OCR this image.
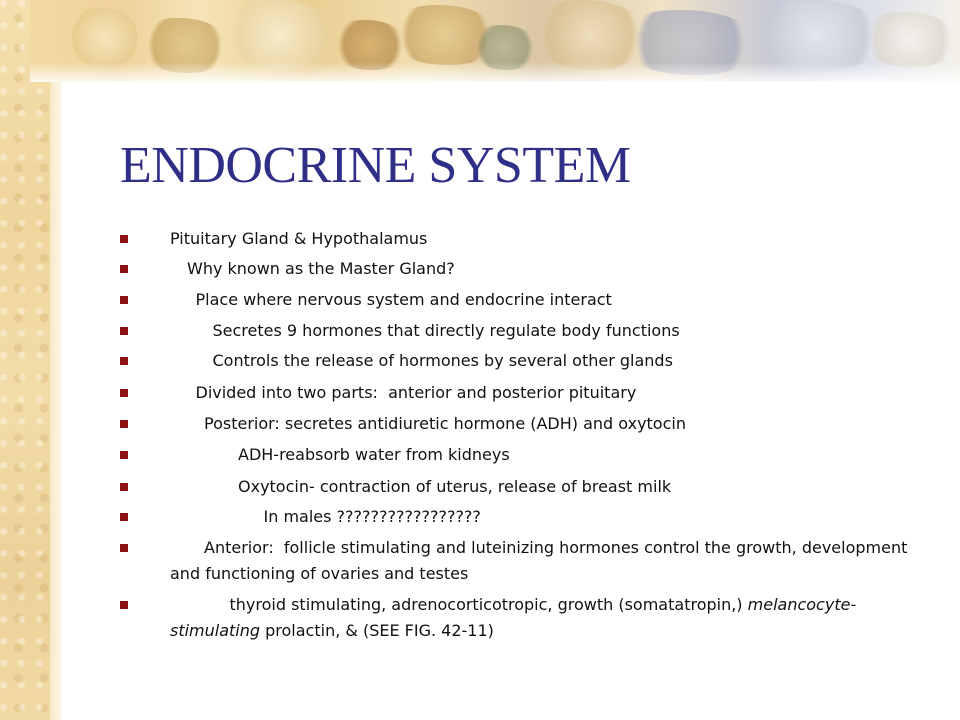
ENDOCRINE SYSTEM
Pituitary Gland & Hypothalamus
Why known as the Master Gland?
Place where nervous system and endocrine interact
Secretes 9 hormones that directly regulate body functions
Controls the release of hormones by several other glands
Divided into two parts:  anterior and posterior pituitary
Posterior: secretes antidiuretic hormone (ADH) and oxytocin
ADH-reabsorb water from kidneys
Oxytocin- contraction of uterus, release of breast milk
In males ?????????????????
Anterior:  follicle stimulating and luteinizing hormones control the growth, development and functioning of ovaries and testes
thyroid stimulating, adrenocorticotropic, growth (somatatropin,) melancocyte-stimulating prolactin, & (SEE FIG. 42-11)
